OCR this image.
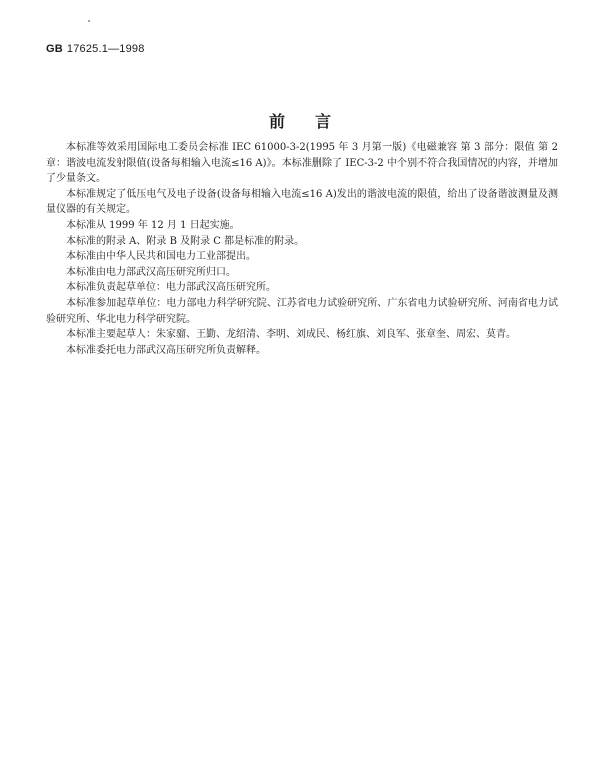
GB 17625.1—1998
前言

本标准等效采用国际电工委员会标准 IEC 61000-3-2(1995 年 3 月第一版)《电磁兼容 第 3 部分：限值 第 2 章：谐波电流发射限值(设备每相输入电流≤16 A)》。本标准删除了 IEC-3-2 中个别不符合我国情况的内容，并增加了少量条文。

本标准规定了低压电气及电子设备(设备每相输入电流≤16 A)发出的谐波电流的限值，给出了设备谐波测量及测量仪器的有关规定。

本标准从 1999 年 12 月 1 日起实施。

本标准的附录 A、附录 B 及附录 C 都是标准的附录。

本标准由中华人民共和国电力工业部提出。

本标准由电力部武汉高压研究所归口。

本标准负责起草单位：电力部武汉高压研究所。

本标准参加起草单位：电力部电力科学研究院、江苏省电力试验研究所、广东省电力试验研究所、河南省电力试验研究所、华北电力科学研究院。

本标准主要起草人：朱家骝、王勤、龙绍清、李明、刘成民、杨红旗、刘良军、张章奎、周宏、莫青。

本标准委托电力部武汉高压研究所负责解释。
